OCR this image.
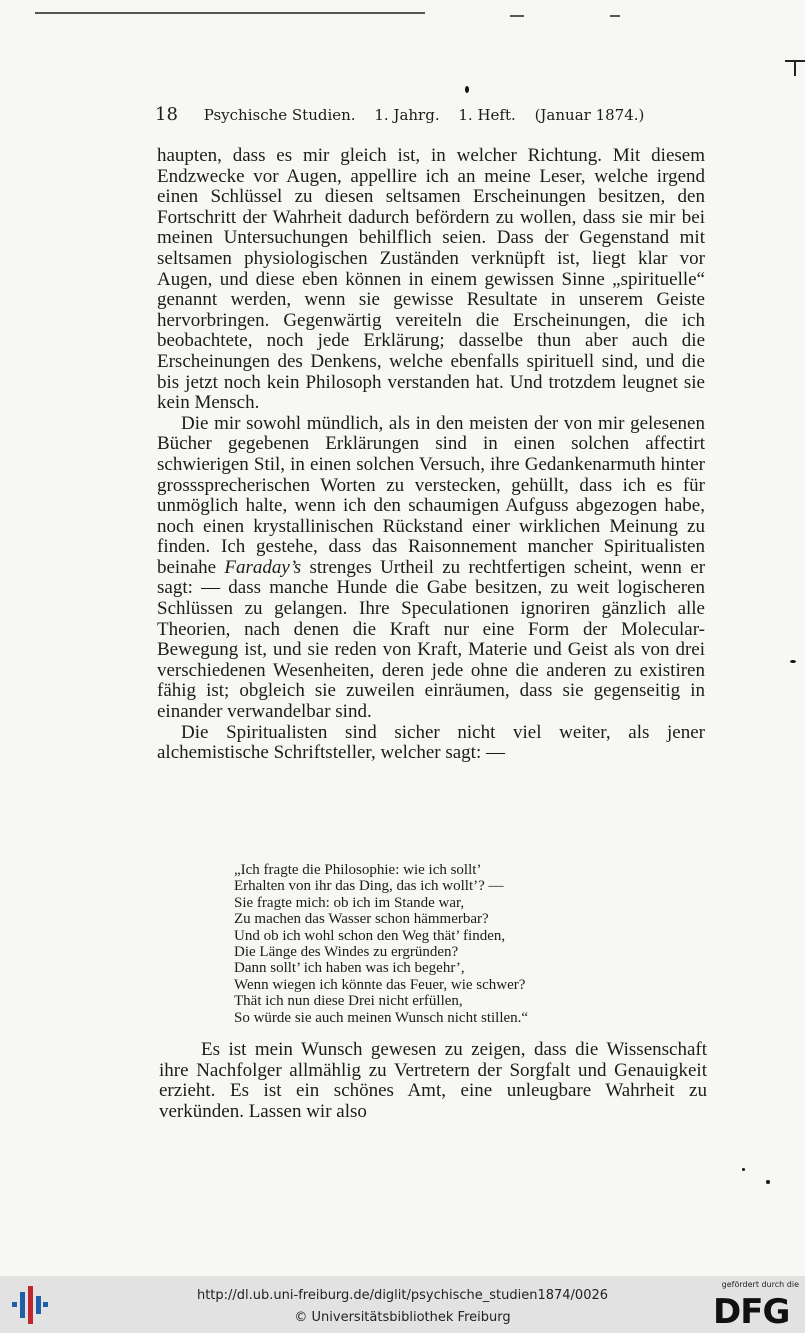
18 Psychische Studien. 1. Jahrg. 1. Heft. (Januar 1874.)

haupten, dass es mir gleich ist, in welcher Richtung. Mit diesem Endzwecke vor Augen, appellire ich an meine Leser, welche irgend einen Schlüssel zu diesen seltsamen Erscheinungen besitzen, den Fortschritt der Wahrheit dadurch befördern zu wollen, dass sie mir bei meinen Untersuchungen behilflich seien. Dass der Gegenstand mit seltsamen physiologischen Zuständen verknüpft ist, liegt klar vor Augen, und diese eben können in einem gewissen Sinne „spirituelle“ genannt werden, wenn sie gewisse Resultate in unserem Geiste hervorbringen. Gegenwärtig vereiteln die Erscheinungen, die ich beobachtete, noch jede Erklärung; dasselbe thun aber auch die Erscheinungen des Denkens, welche ebenfalls spirituell sind, und die bis jetzt noch kein Philosoph verstanden hat. Und trotzdem leugnet sie kein Mensch.

Die mir sowohl mündlich, als in den meisten der von mir gelesenen Bücher gegebenen Erklärungen sind in einen solchen affectirt schwierigen Stil, in einen solchen Versuch, ihre Gedankenarmuth hinter grosssprecherischen Worten zu verstecken, gehüllt, dass ich es für unmöglich halte, wenn ich den schaumigen Aufguss abgezogen habe, noch einen krystallinischen Rückstand einer wirklichen Meinung zu finden. Ich gestehe, dass das Raisonnement mancher Spiritualisten beinahe Faraday’s strenges Urtheil zu rechtfertigen scheint, wenn er sagt: — dass manche Hunde die Gabe besitzen, zu weit logischeren Schlüssen zu gelangen. Ihre Speculationen ignoriren gänzlich alle Theorien, nach denen die Kraft nur eine Form der Molecular-Bewegung ist, und sie reden von Kraft, Materie und Geist als von drei verschiedenen Wesenheiten, deren jede ohne die anderen zu existiren fähig ist; obgleich sie zuweilen einräumen, dass sie gegenseitig in einander verwandelbar sind.

Die Spiritualisten sind sicher nicht viel weiter, als jener alchemistische Schriftsteller, welcher sagt: —

„Ich fragte die Philosophie: wie ich sollt’
Erhalten von ihr das Ding, das ich wollt’? —
Sie fragte mich: ob ich im Stande war,
Zu machen das Wasser schon hämmerbar?
Und ob ich wohl schon den Weg thät’ finden,
Die Länge des Windes zu ergründen?
Dann sollt’ ich haben was ich begehr’,
Wenn wiegen ich könnte das Feuer, wie schwer?
Thät ich nun diese Drei nicht erfüllen,
So würde sie auch meinen Wunsch nicht stillen.“

Es ist mein Wunsch gewesen zu zeigen, dass die Wissenschaft ihre Nachfolger allmählig zu Vertretern der Sorgfalt und Genauigkeit erzieht. Es ist ein schönes Amt, eine unleugbare Wahrheit zu verkünden. Lassen wir also

http://dl.ub.uni-freiburg.de/diglit/psychische_studien1874/0026
© Universitätsbibliothek Freiburg
gefördert durch die
DFG
